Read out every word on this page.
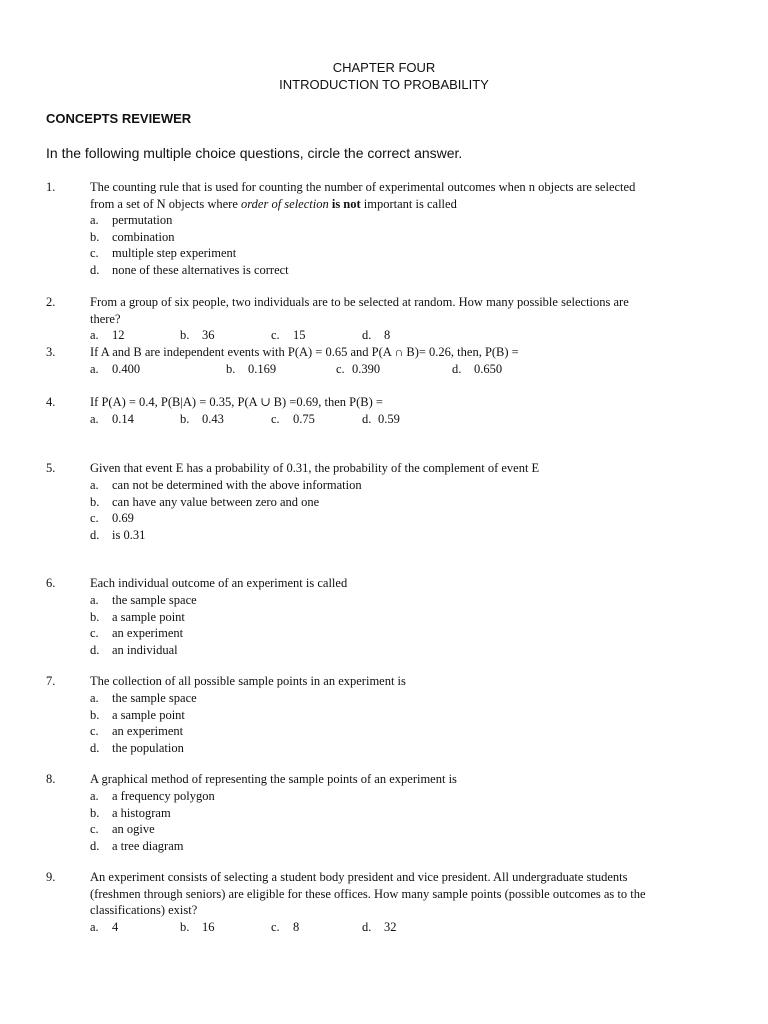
CHAPTER FOUR
INTRODUCTION TO PROBABILITY
CONCEPTS REVIEWER
In the following multiple choice questions, circle the correct answer.
1.	The counting rule that is used for counting the number of experimental outcomes when n objects are selected
from a set of N objects where order of selection is not important is called
a. permutation
b. combination
c. multiple step experiment
d. none of these alternatives is correct
2.	From a group of six people, two individuals are to be selected at random. How many possible selections are
there?
a. 12	b. 36	c. 15	d. 8
3.	If A and B are independent events with P(A) = 0.65 and P(A ∩ B)= 0.26, then, P(B) =
a. 0.400	b. 0.169	c. 0.390	d. 0.650
4.	If P(A) = 0.4, P(B|A) = 0.35, P(A ∪ B) =0.69, then P(B) =
a. 0.14	b. 0.43	c. 0.75	d. 0.59
5.	Given that event E has a probability of 0.31, the probability of the complement of event E
a. can not be determined with the above information
b. can have any value between zero and one
c. 0.69
d. is 0.31
6.	Each individual outcome of an experiment is called
a. the sample space
b. a sample point
c. an experiment
d. an individual
7.	The collection of all possible sample points in an experiment is
a. the sample space
b. a sample point
c. an experiment
d. the population
8.	A graphical method of representing the sample points of an experiment is
a. a frequency polygon
b. a histogram
c. an ogive
d. a tree diagram
9.	An experiment consists of selecting a student body president and vice president. All undergraduate students
(freshmen through seniors) are eligible for these offices. How many sample points (possible outcomes as to the
classifications) exist?
a. 4	b. 16	c. 8	d. 32
